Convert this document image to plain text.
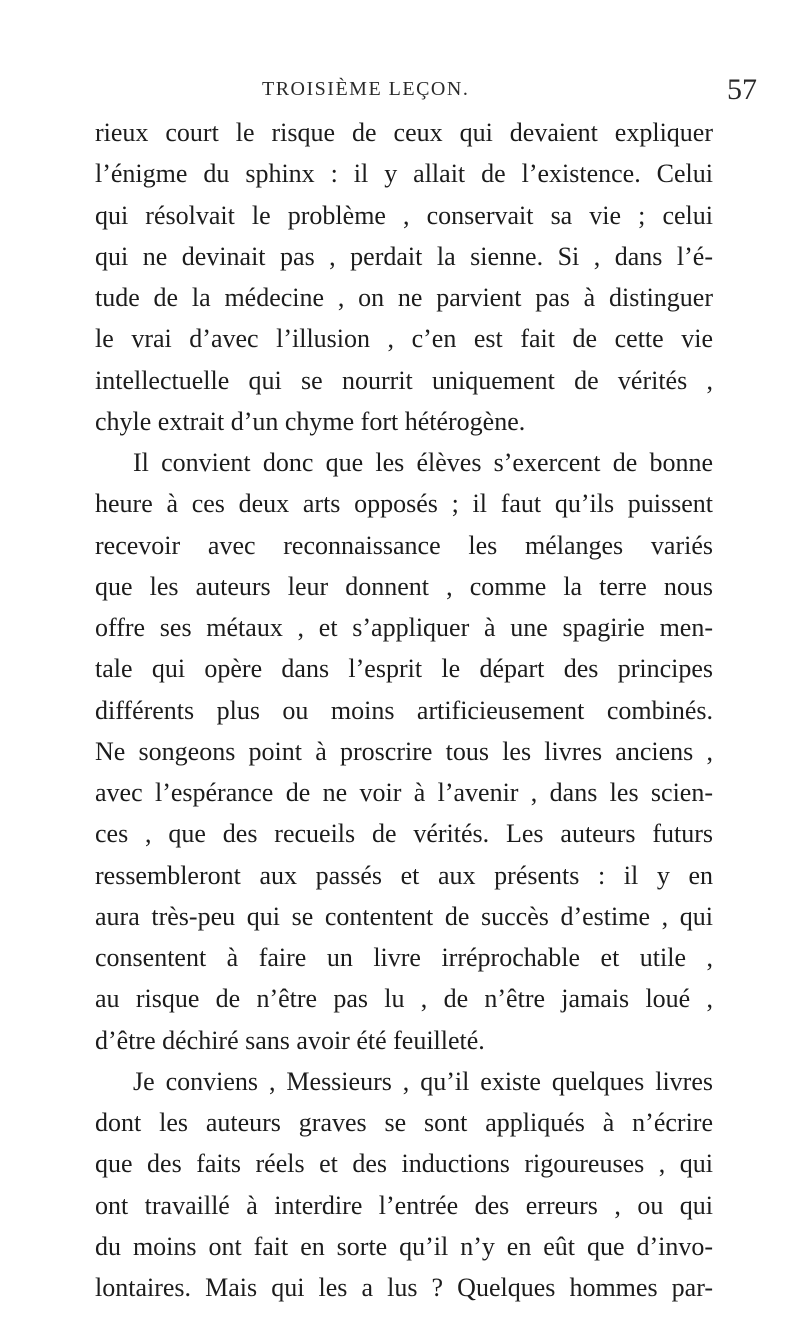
TROISIÈME LEÇON.	57
rieux court le risque de ceux qui devaient expliquer
l’énigme du sphinx : il y allait de l’existence. Celui
qui résolvait le problème , conservait sa vie ; celui
qui ne devinait pas , perdait la sienne. Si , dans l’é-
tude de la médecine , on ne parvient pas à distinguer
le vrai d’avec l’illusion , c’en est fait de cette vie
intellectuelle qui se nourrit uniquement de vérités ,
chyle extrait d’un chyme fort hétérogène.
Il convient donc que les élèves s’exercent de bonne
heure à ces deux arts opposés ; il faut qu’ils puissent
recevoir avec reconnaissance les mélanges variés
que les auteurs leur donnent , comme la terre nous
offre ses métaux , et s’appliquer à une spagirie men-
tale qui opère dans l’esprit le départ des principes
différents plus ou moins artificieusement combinés.
Ne songeons point à proscrire tous les livres anciens ,
avec l’espérance de ne voir à l’avenir , dans les scien-
ces , que des recueils de vérités. Les auteurs futurs
ressembleront aux passés et aux présents : il y en
aura très-peu qui se contentent de succès d’estime , qui
consentent à faire un livre irréprochable et utile ,
au risque de n’être pas lu , de n’être jamais loué ,
d’être déchiré sans avoir été feuilleté.
Je conviens , Messieurs , qu’il existe quelques livres
dont les auteurs graves se sont appliqués à n’écrire
que des faits réels et des inductions rigoureuses , qui
ont travaillé à interdire l’entrée des erreurs , ou qui
du moins ont fait en sorte qu’il n’y en eût que d’invo-
lontaires. Mais qui les a lus ? Quelques hommes par-
